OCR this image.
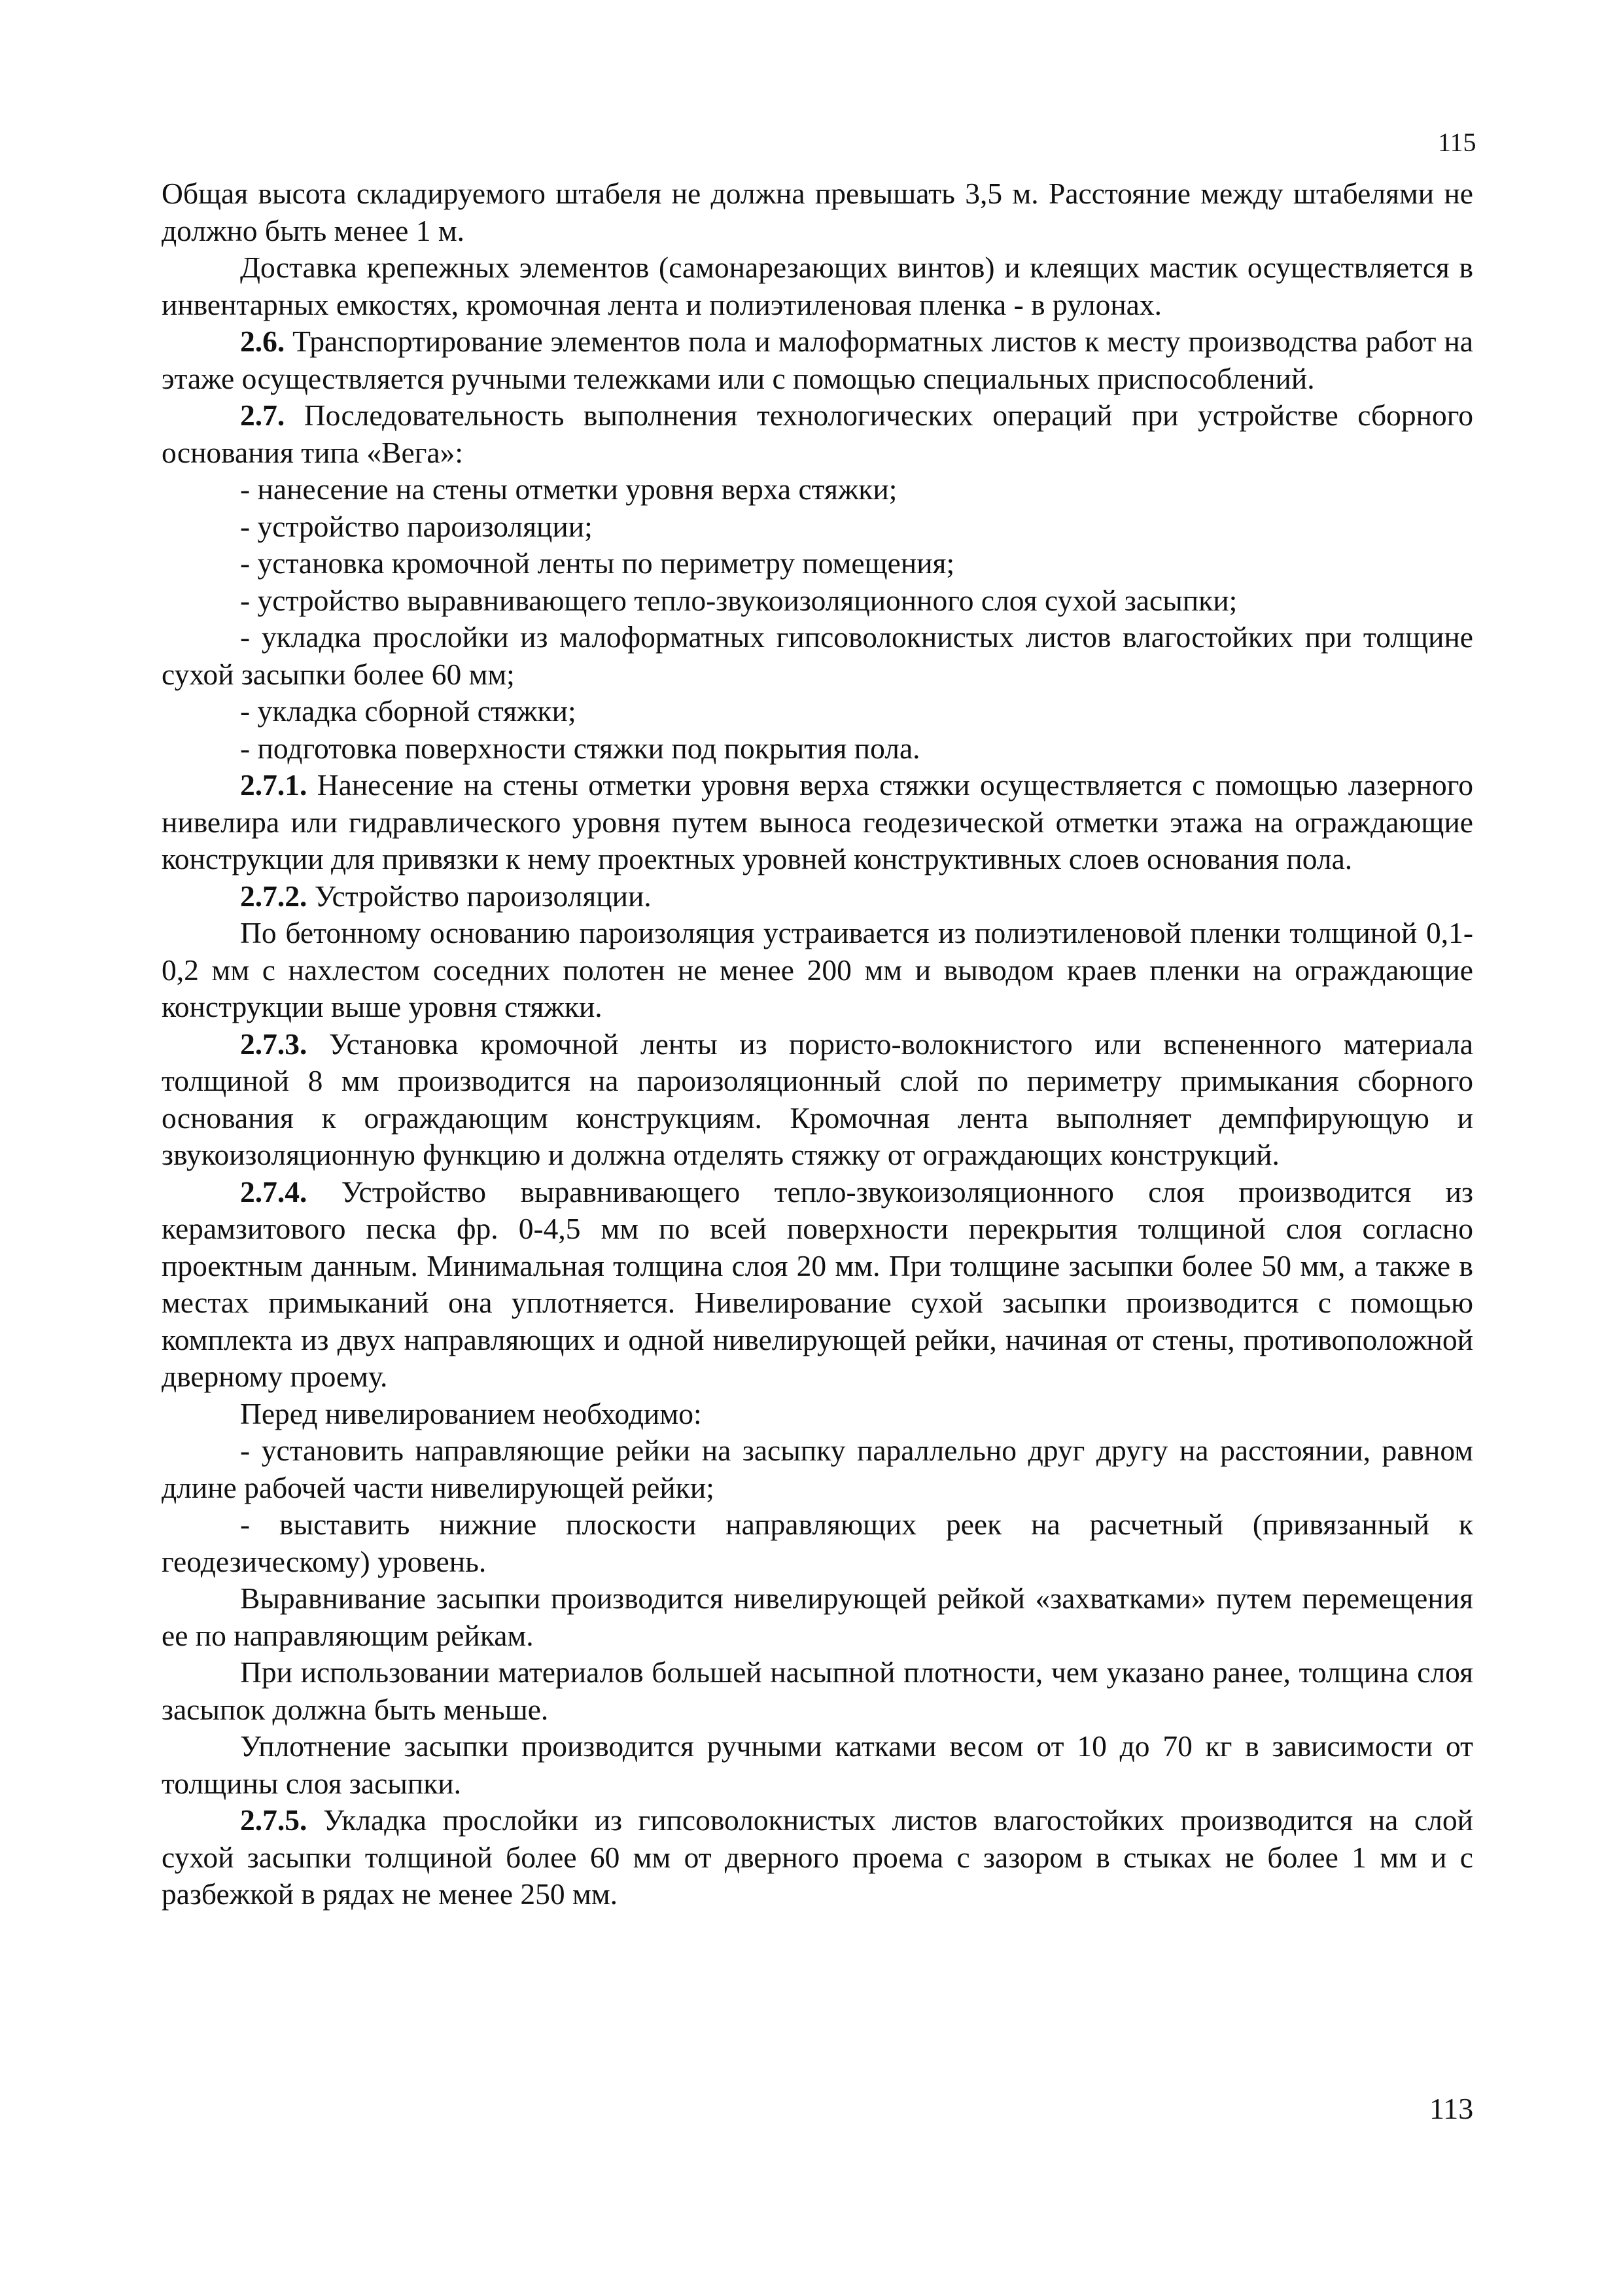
115

Общая высота складируемого штабеля не должна превышать 3,5 м. Расстояние между штабелями не должно быть менее 1 м.

Доставка крепежных элементов (самонарезающих винтов) и клеящих мастик осуществляется в инвентарных емкостях, кромочная лента и полиэтиленовая пленка - в рулонах.

2.6. Транспортирование элементов пола и малоформатных листов к месту производства работ на этаже осуществляется ручными тележками или с помощью специальных приспособлений.

2.7. Последовательность выполнения технологических операций при устройстве сборного основания типа «Вега»:

- нанесение на стены отметки уровня верха стяжки;

- устройство пароизоляции;

- установка кромочной ленты по периметру помещения;

- устройство выравнивающего тепло-звукоизоляционного слоя сухой засыпки;

- укладка прослойки из малоформатных гипсоволокнистых листов влагостойких при толщине сухой засыпки более 60 мм;

- укладка сборной стяжки;

- подготовка поверхности стяжки под покрытия пола.

2.7.1. Нанесение на стены отметки уровня верха стяжки осуществляется с помощью лазерного нивелира или гидравлического уровня путем выноса геодезической отметки этажа на ограждающие конструкции для привязки к нему проектных уровней конструктивных слоев основания пола.

2.7.2. Устройство пароизоляции.

По бетонному основанию пароизоляция устраивается из полиэтиленовой пленки толщиной 0,1-0,2 мм с нахлестом соседних полотен не менее 200 мм и выводом краев пленки на ограждающие конструкции выше уровня стяжки.

2.7.3. Установка кромочной ленты из пористо-волокнистого или вспененного материала толщиной 8 мм производится на пароизоляционный слой по периметру примыкания сборного основания к ограждающим конструкциям. Кромочная лента выполняет демпфирующую и звукоизоляционную функцию и должна отделять стяжку от ограждающих конструкций.

2.7.4. Устройство выравнивающего тепло-звукоизоляционного слоя производится из керамзитового песка фр. 0-4,5 мм по всей поверхности перекрытия толщиной слоя согласно проектным данным. Минимальная толщина слоя 20 мм. При толщине засыпки более 50 мм, а также в местах примыканий она уплотняется. Нивелирование сухой засыпки производится с помощью комплекта из двух направляющих и одной нивелирующей рейки, начиная от стены, противоположной дверному проему.

Перед нивелированием необходимо:

- установить направляющие рейки на засыпку параллельно друг другу на расстоянии, равном длине рабочей части нивелирующей рейки;

- выставить нижние плоскости направляющих реек на расчетный (привязанный к геодезическому) уровень.

Выравнивание засыпки производится нивелирующей рейкой «захватками» путем перемещения ее по направляющим рейкам.

При использовании материалов большей насыпной плотности, чем указано ранее, толщина слоя засыпок должна быть меньше.

Уплотнение засыпки производится ручными катками весом от 10 до 70 кг в зависимости от толщины слоя засыпки.

2.7.5. Укладка прослойки из гипсоволокнистых листов влагостойких производится на слой сухой засыпки толщиной более 60 мм от дверного проема с зазором в стыках не более 1 мм и с разбежкой в рядах не менее 250 мм.

113
